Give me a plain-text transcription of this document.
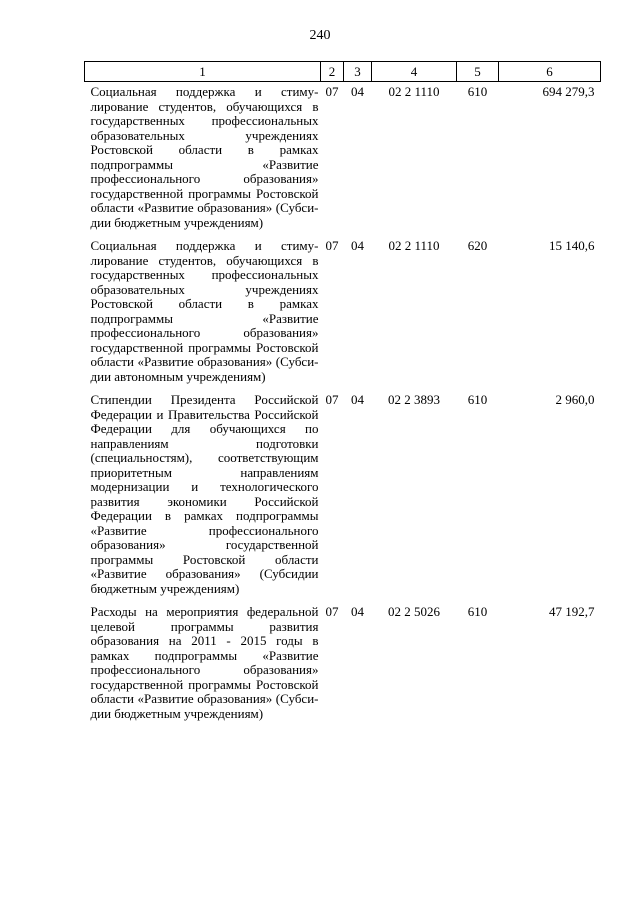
240
1	2	3	4	5	6
Социальная поддержка и стимулирование студентов, обучающихся в государственных профессиональных образовательных учреждениях Ростовской области в рамках подпрограммы «Развитие профессионального образования» государственной программы Ростовской области «Развитие образования» (Субсидии бюджетным учреждениям)	07	04	02 2 1110	610	694 279,3
Социальная поддержка и стимулирование студентов, обучающихся в государственных профессиональных образовательных учреждениях Ростовской области в рамках подпрограммы «Развитие профессионального образования» государственной программы Ростовской области «Развитие образования» (Субсидии автономным учреждениям)	07	04	02 2 1110	620	15 140,6
Стипендии Президента Российской Федерации и Правительства Российской Федерации для обучающихся по направлениям подготовки (специальностям), соответствующим приоритетным направлениям модернизации и технологического развития экономики Российской Федерации в рамках подпрограммы «Развитие профессионального образования» государственной программы Ростовской области «Развитие образования» (Субсидии бюджетным учреждениям)	07	04	02 2 3893	610	2 960,0
Расходы на мероприятия федеральной целевой программы развития образования на 2011 - 2015 годы в рамках подпрограммы «Развитие профессионального образования» государственной программы Ростовской области «Развитие образования» (Субсидии бюджетным учреждениям)	07	04	02 2 5026	610	47 192,7
